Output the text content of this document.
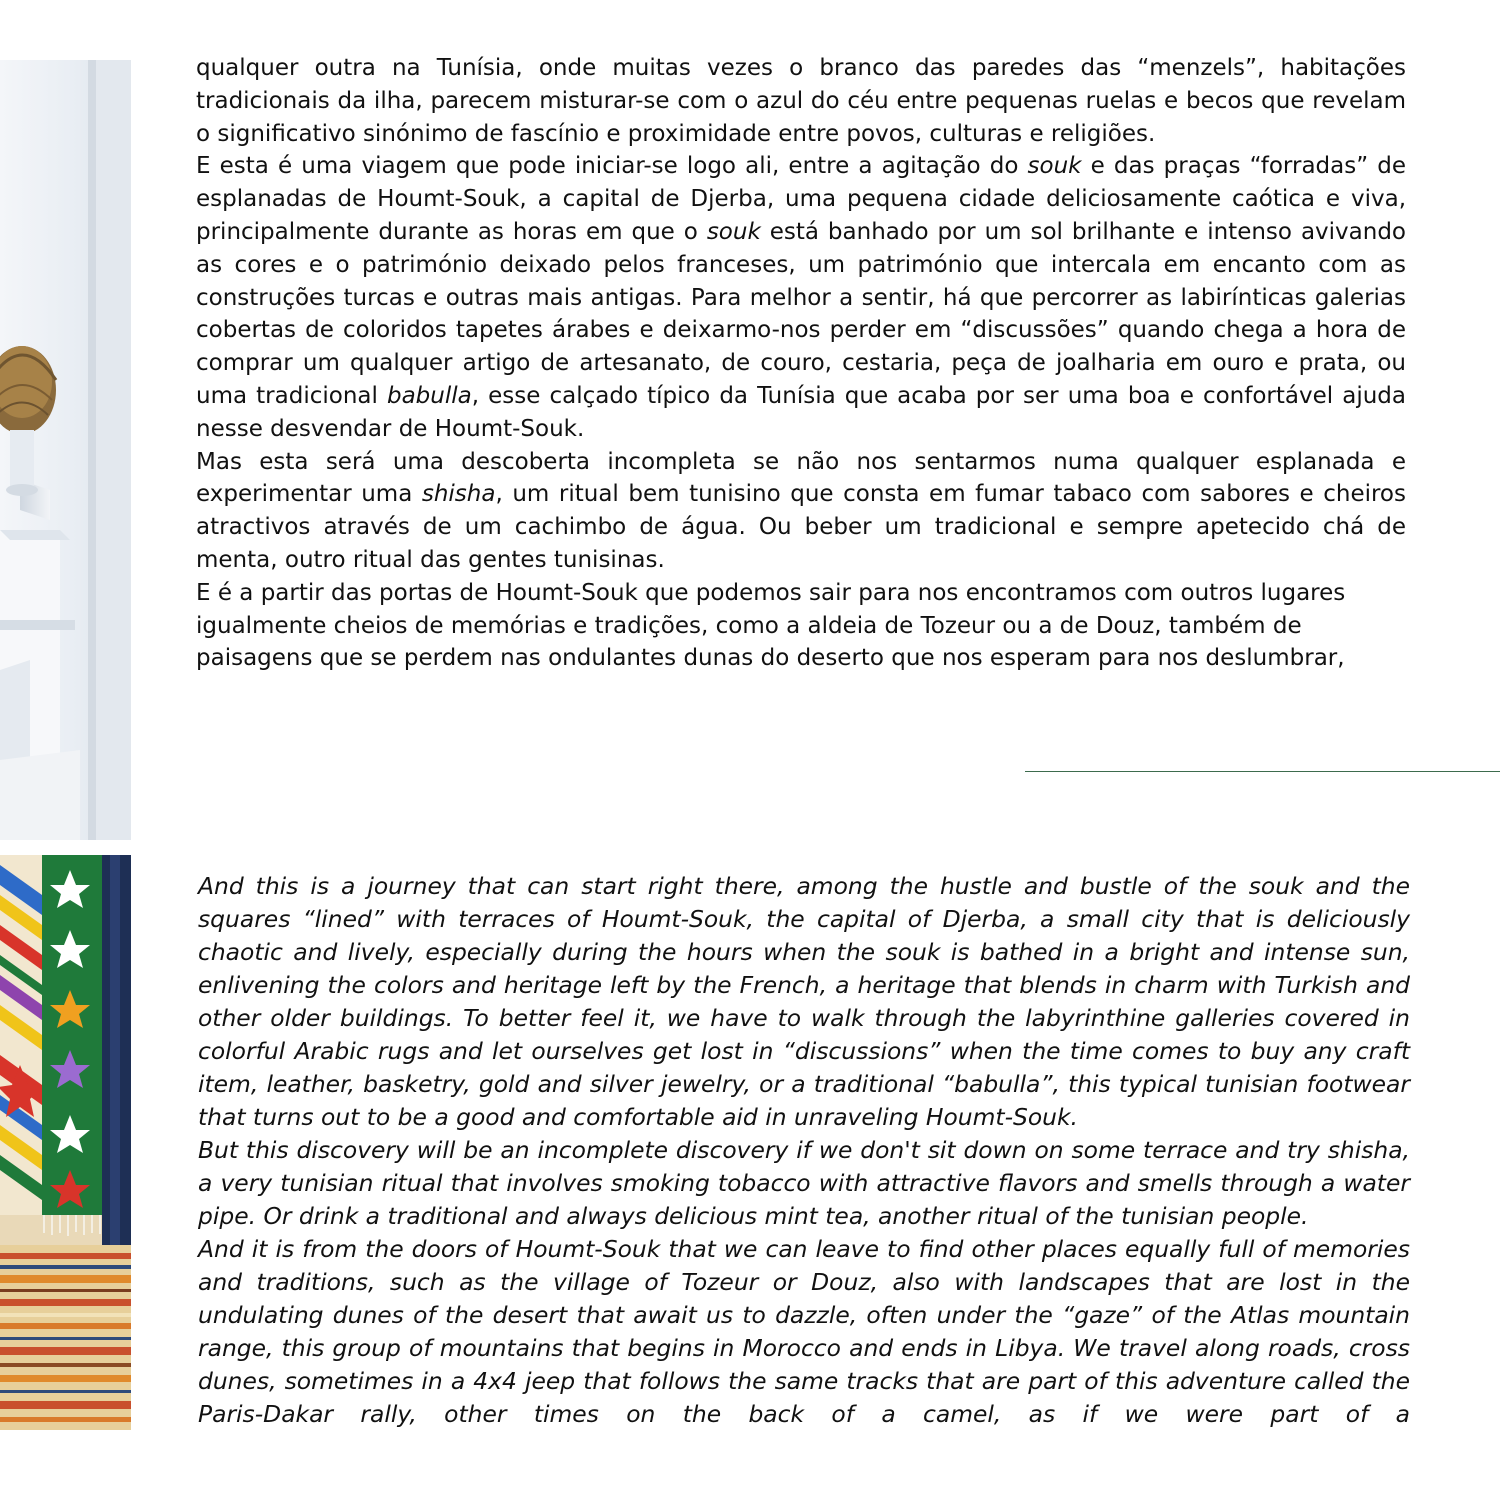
qualquer outra na Tunísia, onde muitas vezes o branco das paredes das “menzels”, habitações tradicionais da ilha, parecem misturar-se com o azul do céu entre pequenas ruelas e becos que revelam o significativo sinónimo de fascínio e proximidade entre povos, culturas e religiões.

E esta é uma viagem que pode iniciar-se logo ali, entre a agitação do souk e das praças “forradas” de esplanadas de Houmt-Souk, a capital de Djerba, uma pequena cidade deliciosamente caótica e viva, principalmente durante as horas em que o souk está banhado por um sol brilhante e intenso avivando as cores e o património deixado pelos franceses, um património que intercala em encanto com as construções turcas e outras mais antigas. Para melhor a sentir, há que percorrer as labirínticas galerias cobertas de coloridos tapetes árabes e deixarmo-nos perder em “discussões” quando chega a hora de comprar um qualquer artigo de artesanato, de couro, cestaria, peça de joalharia em ouro e prata, ou uma tradicional babulla, esse calçado típico da Tunísia que acaba por ser uma boa e confortável ajuda nesse desvendar de Houmt-Souk.

Mas esta será uma descoberta incompleta se não nos sentarmos numa qualquer esplanada e experimentar uma shisha, um ritual bem tunisino que consta em fumar tabaco com sabores e cheiros atractivos através de um cachimbo de água. Ou beber um tradicional e sempre apetecido chá de menta, outro ritual das gentes tunisinas.

E é a partir das portas de Houmt-Souk que podemos sair para nos encontramos com outros lugares igualmente cheios de memórias e tradições, como a aldeia de Tozeur ou a de Douz, também de paisagens que se perdem nas ondulantes dunas do deserto que nos esperam para nos deslumbrar,

And this is a journey that can start right there, among the hustle and bustle of the souk and the squares “lined” with terraces of Houmt-Souk, the capital of Djerba, a small city that is deliciously chaotic and lively, especially during the hours when the souk is bathed in a bright and intense sun, enlivening the colors and heritage left by the French, a heritage that blends in charm with Turkish and other older buildings. To better feel it, we have to walk through the labyrinthine galleries covered in colorful Arabic rugs and let ourselves get lost in “discussions” when the time comes to buy any craft item, leather, basketry, gold and silver jewelry, or a traditional “babulla”, this typical tunisian footwear that turns out to be a good and comfortable aid in unraveling Houmt-Souk.

But this discovery will be an incomplete discovery if we don't sit down on some terrace and try shisha, a very tunisian ritual that involves smoking tobacco with attractive flavors and smells through a water pipe. Or drink a traditional and always delicious mint tea, another ritual of the tunisian people.

And it is from the doors of Houmt-Souk that we can leave to find other places equally full of memories and traditions, such as the village of Tozeur or Douz, also with landscapes that are lost in the undulating dunes of the desert that await us to dazzle, often under the “gaze” of the Atlas mountain range, this group of mountains that begins in Morocco and ends in Libya. We travel along roads, cross dunes, sometimes in a 4x4 jeep that follows the same tracks that are part of this adventure called the Paris-Dakar rally, other times on the back of a camel, as if we were part of a
